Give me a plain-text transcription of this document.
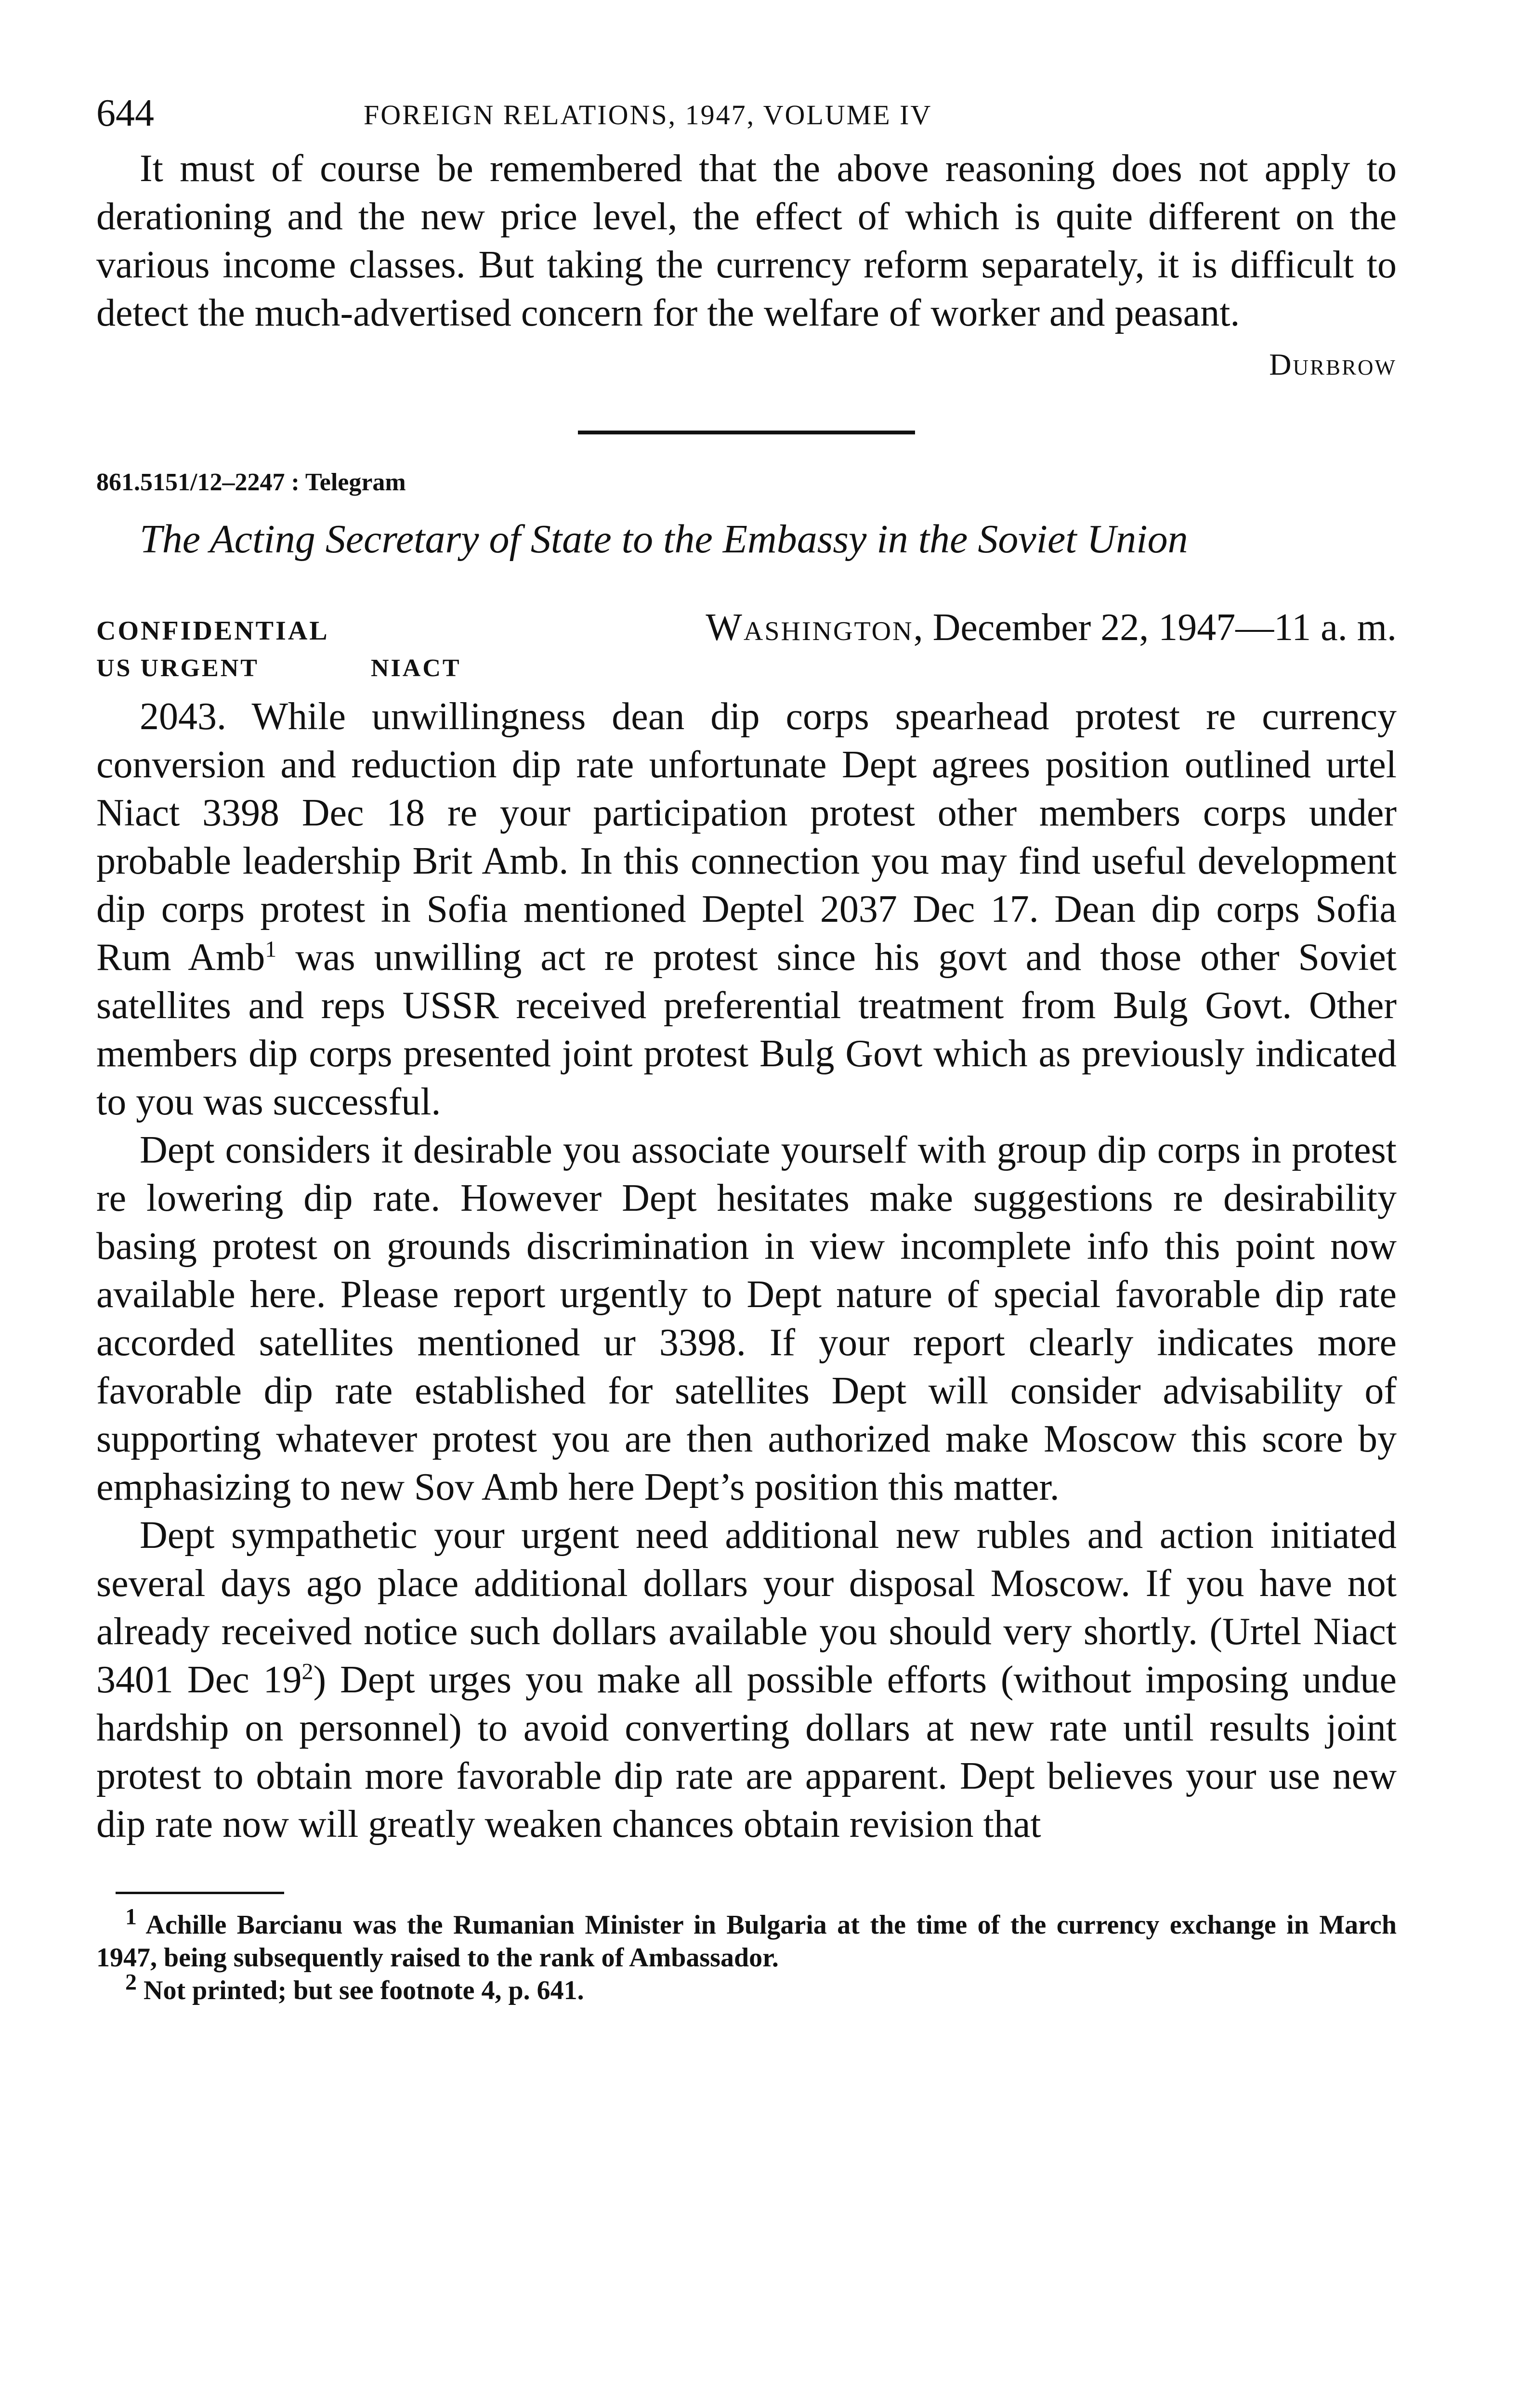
644	FOREIGN RELATIONS, 1947, VOLUME IV

It must of course be remembered that the above reasoning does not apply to derationing and the new price level, the effect of which is quite different on the various income classes. But taking the currency reform separately, it is difficult to detect the much-advertised concern for the welfare of worker and peasant.

Durbrow

861.5151/12–2247 : Telegram

The Acting Secretary of State to the Embassy in the Soviet Union

CONFIDENTIAL	Washington, December 22, 1947—11 a. m.
US URGENT	NIACT

2043. While unwillingness dean dip corps spearhead protest re currency conversion and reduction dip rate unfortunate Dept agrees position outlined urtel Niact 3398 Dec 18 re your participation protest other members corps under probable leadership Brit Amb. In this connection you may find useful development dip corps protest in Sofia mentioned Deptel 2037 Dec 17. Dean dip corps Sofia Rum Amb$^1$ was unwilling act re protest since his govt and those other Soviet satellites and reps USSR received preferential treatment from Bulg Govt. Other members dip corps presented joint protest Bulg Govt which as previously indicated to you was successful.

Dept considers it desirable you associate yourself with group dip corps in protest re lowering dip rate. However Dept hesitates make suggestions re desirability basing protest on grounds discrimination in view incomplete info this point now available here. Please report urgently to Dept nature of special favorable dip rate accorded satellites mentioned ur 3398. If your report clearly indicates more favorable dip rate established for satellites Dept will consider advisability of supporting whatever protest you are then authorized make Moscow this score by emphasizing to new Sov Amb here Dept’s position this matter.

Dept sympathetic your urgent need additional new rubles and action initiated several days ago place additional dollars your disposal Moscow. If you have not already received notice such dollars available you should very shortly. (Urtel Niact 3401 Dec $19^2$) Dept urges you make all possible efforts (without imposing undue hardship on personnel) to avoid converting dollars at new rate until results joint protest to obtain more favorable dip rate are apparent. Dept believes your use new dip rate now will greatly weaken chances obtain revision that

$^1$ Achille Barcianu was the Rumanian Minister in Bulgaria at the time of the currency exchange in March 1947, being subsequently raised to the rank of Ambassador.

$^2$ Not printed; but see footnote 4, p. 641.
